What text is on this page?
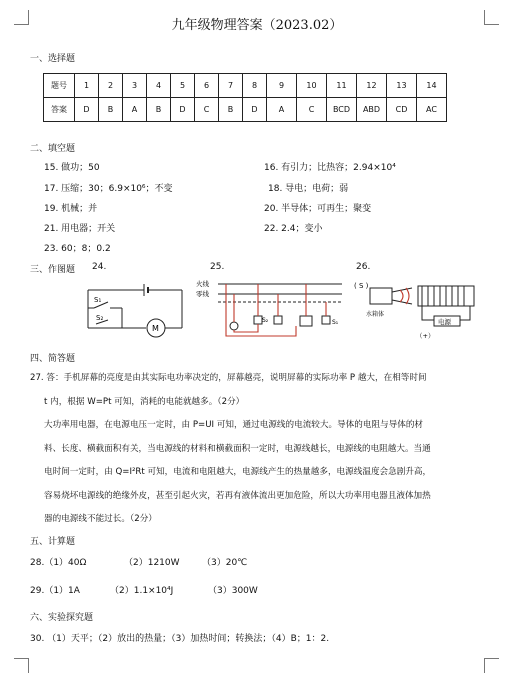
九年级物理答案（2023.02）
一、选择题
题号	1	2	3	4	5	6	7	8	9	10	11	12	13	14
答案	D	B	A	B	D	C	B	D	A	C	BCD	ABD	CD	AC
二、填空题
15. 做功；50	16. 有引力；比热容；2.94×10⁴
17. 压缩；30；6.9×10⁶；不变	18. 导电；电荷；弱
19. 机械；并	20. 半导体；可再生；聚变
21. 用电器；开关	22. 2.4；变小
23. 60；8；0.2
三、作图题 24.	25.	26.
S₁
S₂
M
火线
零线
S₂	S₁
( S )
水箱体
电源
（+）
四、简答题

27. 答：手机屏幕的亮度是由其实际电功率决定的，屏幕越亮，说明屏幕的实际功率 P 越大，在相等时间

t 内，根据 W=Pt 可知，消耗的电能就越多。（2分）

大功率用电器，在电源电压一定时，由 P=UI 可知，通过电源线的电流较大。导体的电阻与导体的材

料、长度、横截面积有关，当电源线的材料和横截面积一定时，电源线越长，电源线的电阻越大。当通

电时间一定时，由 Q=I²Rt 可知，电流和电阻越大，电源线产生的热量越多，电源线温度会急剧升高，

容易烧坏电源线的绝缘外皮，甚至引起火灾，若再有液体流出更加危险，所以大功率用电器且液体加热

器的电源线不能过长。（2分）

五、计算题
28.（1）40Ω	（2）1210W （3）20℃
29.（1）1A	（2）1.1×10⁴J	（3）300W
六、实验探究题
30. （1）天平；（2）放出的热量；（3）加热时间；转换法；（4）B；1：2.
